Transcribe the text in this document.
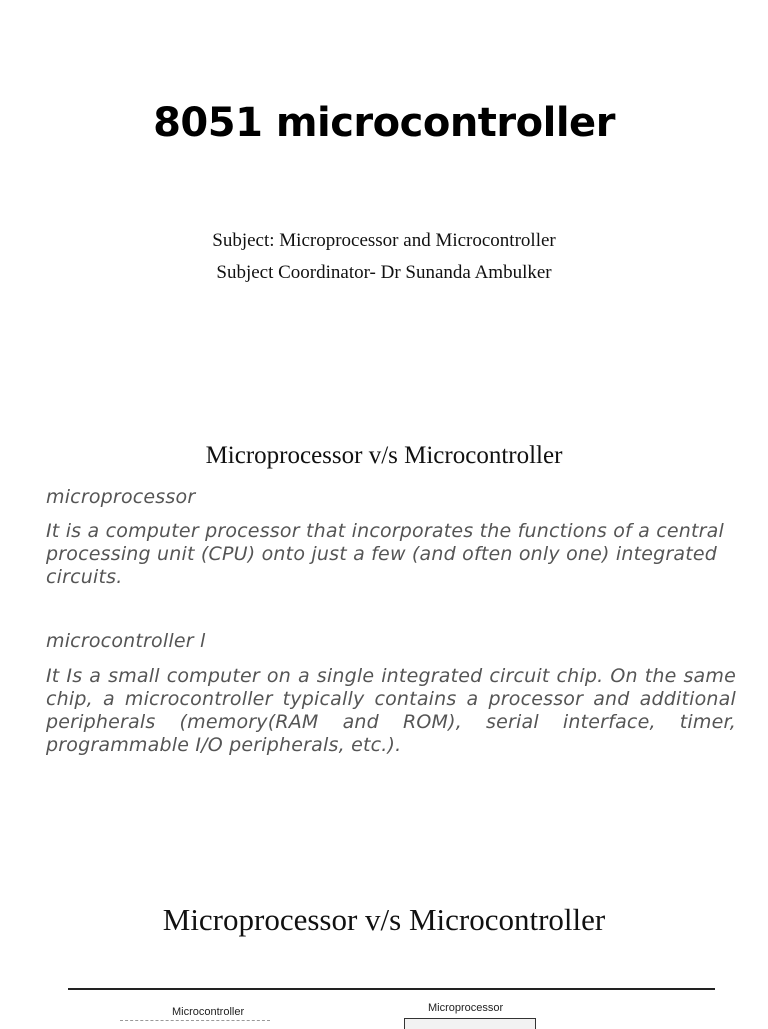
8051 microcontroller
Subject: Microprocessor and Microcontroller
Subject Coordinator- Dr Sunanda Ambulker
Microprocessor v/s Microcontroller
microprocessor
It is a computer processor that incorporates the functions of a central processing unit (CPU) onto just a few (and often only one) integrated circuits.
microcontroller l
It Is a small computer on a single integrated circuit chip. On the same chip, a microcontroller typically contains a processor and additional peripherals (memory(RAM and ROM), serial interface, timer, programmable I/O peripherals, etc.).
Microprocessor v/s Microcontroller
Microcontroller	Microprocessor
